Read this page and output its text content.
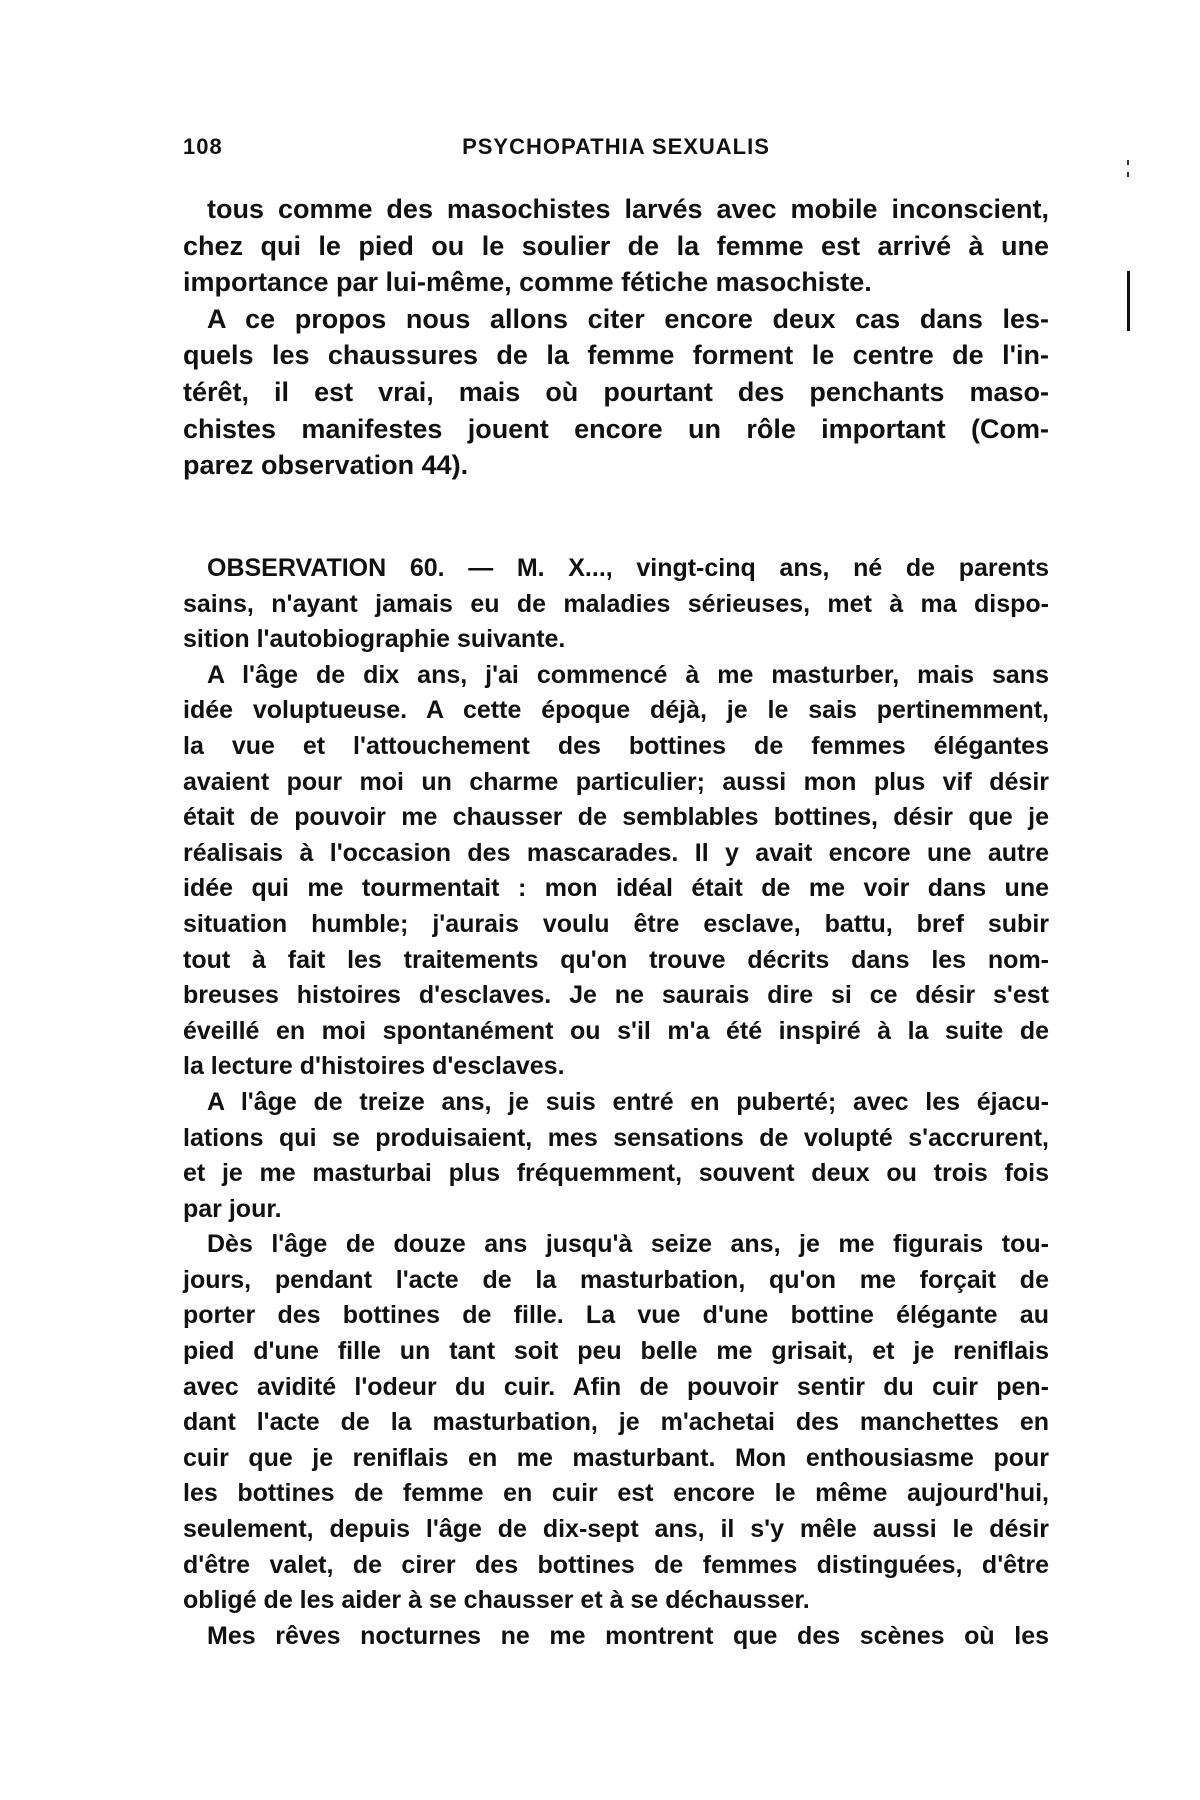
108	PSYCHOPATHIA SEXUALIS
tous comme des masochistes larvés avec mobile inconscient,
chez qui le pied ou le soulier de la femme est arrivé à une
importance par lui-même, comme fétiche masochiste.
A ce propos nous allons citer encore deux cas dans les-
quels les chaussures de la femme forment le centre de l'in-
térêt, il est vrai, mais où pourtant des penchants maso-
chistes manifestes jouent encore un rôle important (Com-
parez observation 44).
OBSERVATION 60. — M. X..., vingt-cinq ans, né de parents
sains, n'ayant jamais eu de maladies sérieuses, met à ma dispo-
sition l'autobiographie suivante.
A l'âge de dix ans, j'ai commencé à me masturber, mais sans
idée voluptueuse. A cette époque déjà, je le sais pertinemment,
la vue et l'attouchement des bottines de femmes élégantes
avaient pour moi un charme particulier; aussi mon plus vif désir
était de pouvoir me chausser de semblables bottines, désir que je
réalisais à l'occasion des mascarades. Il y avait encore une autre
idée qui me tourmentait : mon idéal était de me voir dans une
situation humble; j'aurais voulu être esclave, battu, bref subir
tout à fait les traitements qu'on trouve décrits dans les nom-
breuses histoires d'esclaves. Je ne saurais dire si ce désir s'est
éveillé en moi spontanément ou s'il m'a été inspiré à la suite de
la lecture d'histoires d'esclaves.
A l'âge de treize ans, je suis entré en puberté; avec les éjacu-
lations qui se produisaient, mes sensations de volupté s'accrurent,
et je me masturbai plus fréquemment, souvent deux ou trois fois
par jour.
Dès l'âge de douze ans jusqu'à seize ans, je me figurais tou-
jours, pendant l'acte de la masturbation, qu'on me forçait de
porter des bottines de fille. La vue d'une bottine élégante au
pied d'une fille un tant soit peu belle me grisait, et je reniflais
avec avidité l'odeur du cuir. Afin de pouvoir sentir du cuir pen-
dant l'acte de la masturbation, je m'achetai des manchettes en
cuir que je reniflais en me masturbant. Mon enthousiasme pour
les bottines de femme en cuir est encore le même aujourd'hui,
seulement, depuis l'âge de dix-sept ans, il s'y mêle aussi le désir
d'être valet, de cirer des bottines de femmes distinguées, d'être
obligé de les aider à se chausser et à se déchausser.
Mes rêves nocturnes ne me montrent que des scènes où les
